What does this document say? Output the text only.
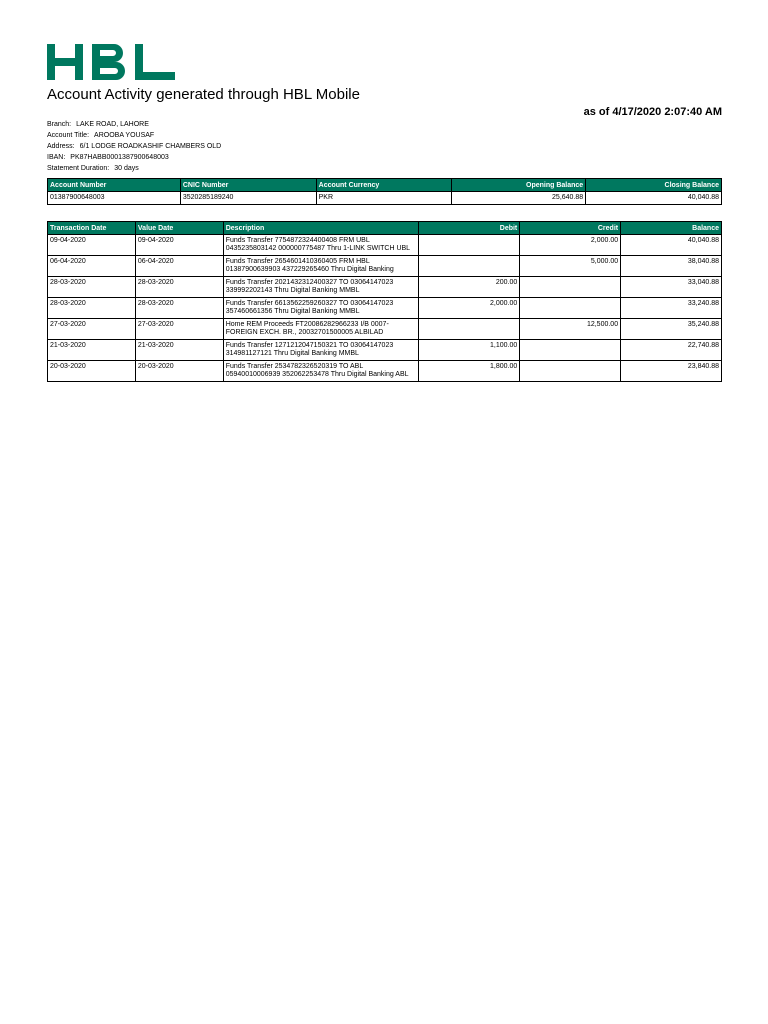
Account Activity generated through HBL Mobile
as of 4/17/2020 2:07:40 AM
Branch: LAKE ROAD, LAHORE
Account Title: AROOBA YOUSAF
Address: 6/1 LODGE ROADKASHIF CHAMBERS OLD
IBAN: PK87HABB0001387900648003
Statement Duration: 30 days
Account Number	CNIC Number	Account Currency	Opening Balance	Closing Balance
01387900648003	3520285189240	PKR	25,640.88	40,040.88
Transaction Date	Value Date	Description	Debit	Credit	Balance
09-04-2020	09-04-2020	Funds Transfer 7754872324400408 FRM UBL 0435235803142 000000775487 Thru 1-LINK SWITCH UBL		2,000.00	40,040.88
06-04-2020	06-04-2020	Funds Transfer 2654601410360405 FRM HBL 01387900639903 437229265460 Thru Digital Banking		5,000.00	38,040.88
28-03-2020	28-03-2020	Funds Transfer 2021432312400327 TO 03064147023 339992202143 Thru Digital Banking MMBL	200.00		33,040.88
28-03-2020	28-03-2020	Funds Transfer 6613562259260327 TO 03064147023 357460661356 Thru Digital Banking MMBL	2,000.00		33,240.88
27-03-2020	27-03-2020	Home REM Proceeds FT20086282966233 I/B 0007-FOREIGN EXCH. BR., 20032701500005 ALBILAD		12,500.00	35,240.88
21-03-2020	21-03-2020	Funds Transfer 1271212047150321 TO 03064147023 314981127121 Thru Digital Banking MMBL	1,100.00		22,740.88
20-03-2020	20-03-2020	Funds Transfer 2534782326520319 TO ABL 05940010006939 352062253478 Thru Digital Banking ABL	1,800.00		23,840.88
